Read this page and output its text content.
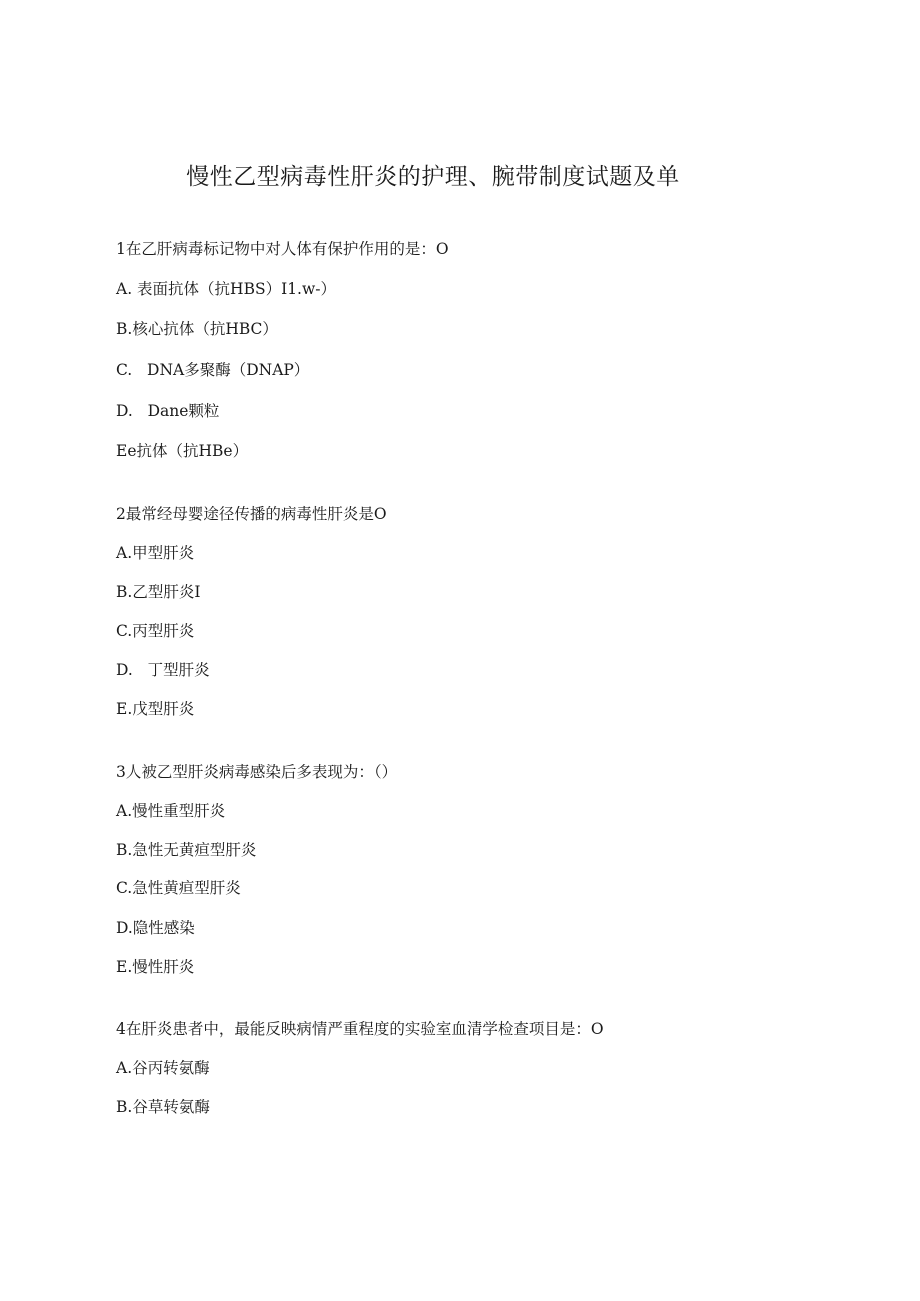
慢性乙型病毒性肝炎的护理、腕带制度试题及单
1在乙肝病毒标记物中对人体有保护作用的是：O
A. 表面抗体（抗HBS）I1.w-）
B.核心抗体（抗HBC）
C.   DNA多聚酶（DNAP）
D.   Dane颗粒
Ee抗体（抗HBe）
2最常经母婴途径传播的病毒性肝炎是O
A.甲型肝炎
B.乙型肝炎I
C.丙型肝炎
D.   丁型肝炎
E.戊型肝炎
3人被乙型肝炎病毒感染后多表现为：（）
A.慢性重型肝炎
B.急性无黄疸型肝炎
C.急性黄疸型肝炎
D.隐性感染
E.慢性肝炎
4在肝炎患者中，最能反映病情严重程度的实验室血清学检查项目是：O
A.谷丙转氨酶
B.谷草转氨酶
